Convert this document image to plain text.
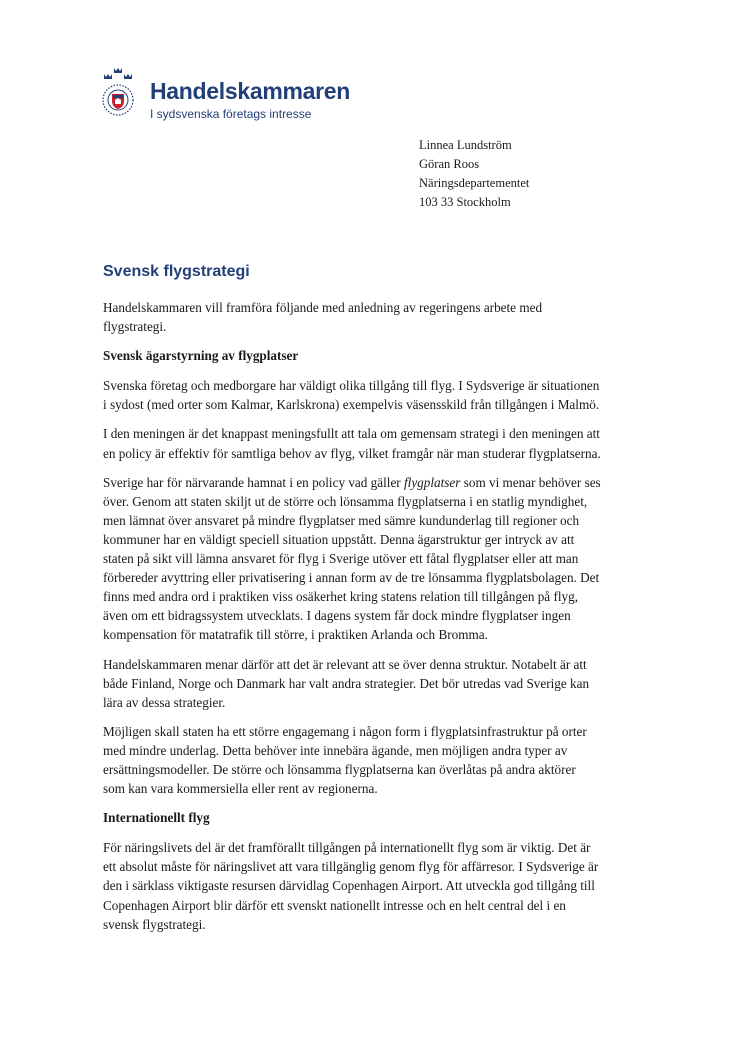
Handelskammaren
I sydsvenska företags intresse
Linnea Lundström
Göran Roos
Näringsdepartementet
103 33 Stockholm
Svensk flygstrategi

Handelskammaren vill framföra följande med anledning av regeringens arbete med
flygstrategi.

Svensk ägarstyrning av flygplatser

Svenska företag och medborgare har väldigt olika tillgång till flyg. I Sydsverige är situationen
i sydost (med orter som Kalmar, Karlskrona) exempelvis väsensskild från tillgången i Malmö.

I den meningen är det knappast meningsfullt att tala om gemensam strategi i den meningen att
en policy är effektiv för samtliga behov av flyg, vilket framgår när man studerar flygplatserna.

Sverige har för närvarande hamnat i en policy vad gäller flygplatser som vi menar behöver ses
över. Genom att staten skiljt ut de större och lönsamma flygplatserna i en statlig myndighet,
men lämnat över ansvaret på mindre flygplatser med sämre kundunderlag till regioner och
kommuner har en väldigt speciell situation uppstått. Denna ägarstruktur ger intryck av att
staten på sikt vill lämna ansvaret för flyg i Sverige utöver ett fåtal flygplatser eller att man
förbereder avyttring eller privatisering i annan form av de tre lönsamma flygplatsbolagen. Det
finns med andra ord i praktiken viss osäkerhet kring statens relation till tillgången på flyg,
även om ett bidragssystem utvecklats. I dagens system får dock mindre flygplatser ingen
kompensation för matatrafik till större, i praktiken Arlanda och Bromma.

Handelskammaren menar därför att det är relevant att se över denna struktur. Notabelt är att
både Finland, Norge och Danmark har valt andra strategier. Det bör utredas vad Sverige kan
lära av dessa strategier.

Möjligen skall staten ha ett större engagemang i någon form i flygplatsinfrastruktur på orter
med mindre underlag. Detta behöver inte innebära ägande, men möjligen andra typer av
ersättningsmodeller. De större och lönsamma flygplatserna kan överlåtas på andra aktörer
som kan vara kommersiella eller rent av regionerna.

Internationellt flyg

För näringslivets del är det framförallt tillgången på internationellt flyg som är viktig. Det är
ett absolut måste för näringslivet att vara tillgänglig genom flyg för affärresor. I Sydsverige är
den i särklass viktigaste resursen därvidlag Copenhagen Airport. Att utveckla god tillgång till
Copenhagen Airport blir därför ett svenskt nationellt intresse och en helt central del i en
svensk flygstrategi.
